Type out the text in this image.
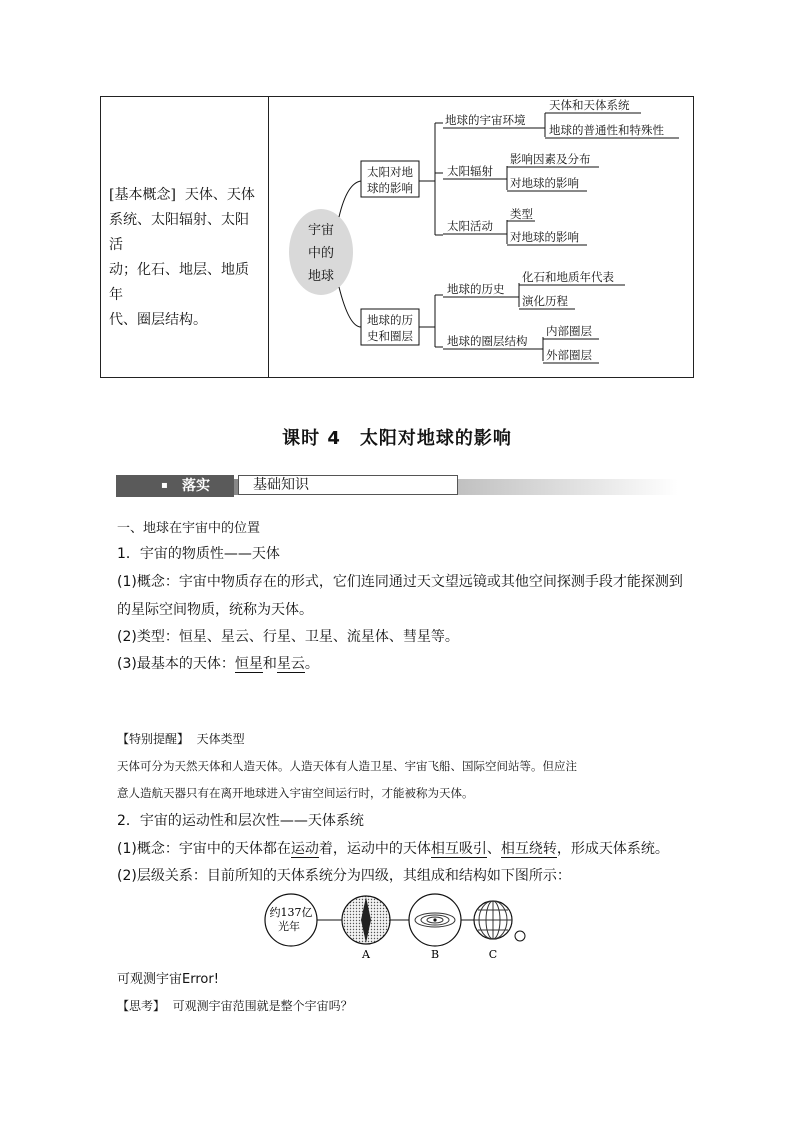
[基本概念] 天体、天体
系统、太阳辐射、太阳活
动；化石、地层、地质年
代、圈层结构。
宇宙
中的
地球
太阳对地
球的影响
地球的历
史和圈层
地球的宇宙环境
太阳辐射
太阳活动
天体和天体系统
地球的普通性和特殊性
影响因素及分布
对地球的影响
类型
对地球的影响
地球的历史
地球的圈层结构
化石和地质年代表
演化历程
内部圈层
外部圈层
课时 4　太阳对地球的影响
▪ 落实	基础知识
一、地球在宇宙中的位置
1．宇宙的物质性——天体
(1)概念：宇宙中物质存在的形式，它们连同通过天文望远镜或其他空间探测手段才能探测到
的星际空间物质，统称为天体。
(2)类型：恒星、星云、行星、卫星、流星体、彗星等。
(3)最基本的天体：恒星和星云。
【特别提醒】 天体类型
天体可分为天然天体和人造天体。人造天体有人造卫星、宇宙飞船、国际空间站等。但应注
意人造航天器只有在离开地球进入宇宙空间运行时，才能被称为天体。
2．宇宙的运动性和层次性——天体系统
(1)概念：宇宙中的天体都在运动着，运动中的天体相互吸引、相互绕转，形成天体系统。
(2)层级关系：目前所知的天体系统分为四级，其组成和结构如下图所示：
约137亿
光年
A	B	C
可观测宇宙Error!
【思考】 可观测宇宙范围就是整个宇宙吗？
